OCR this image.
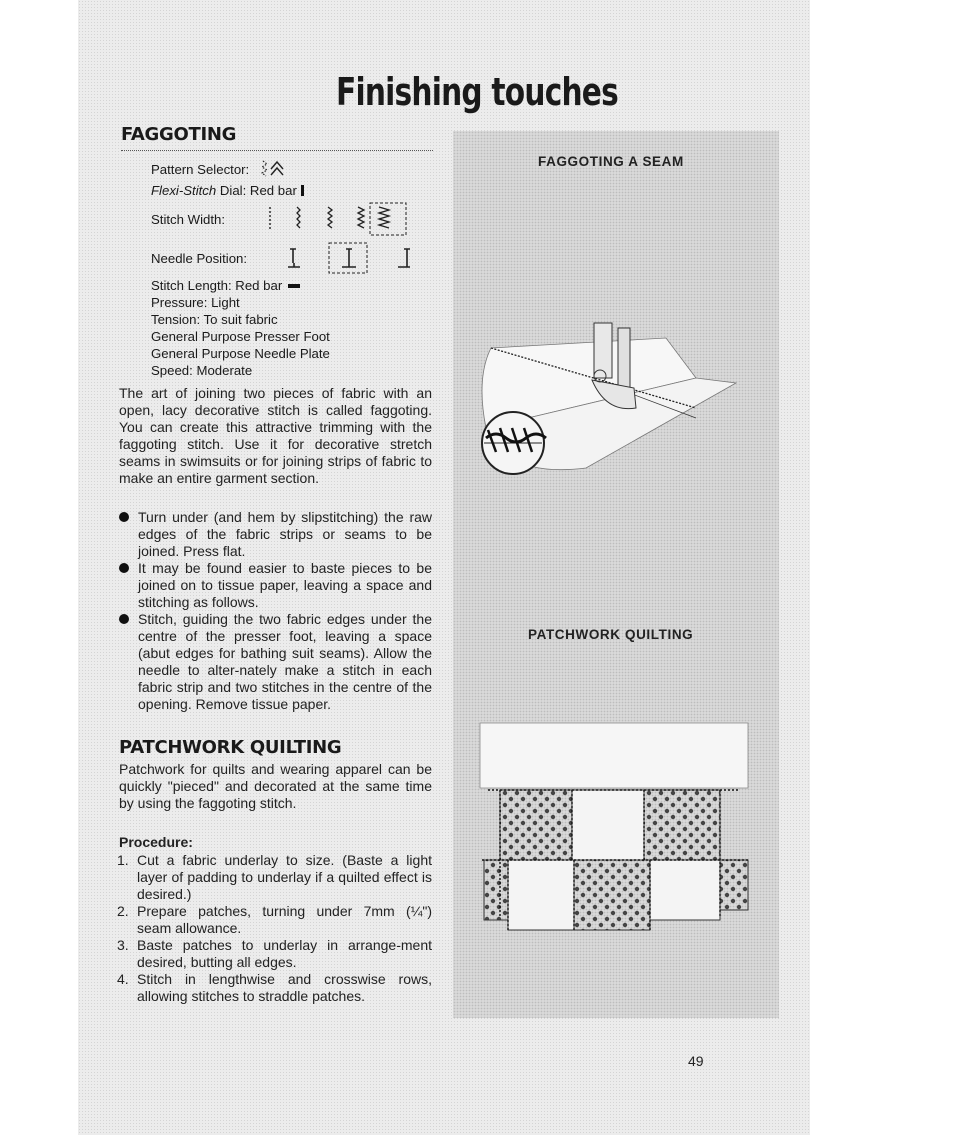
Finishing touches
FAGGOTING
Pattern Selector:
Flexi-Stitch Dial: Red bar
Stitch Width:
Needle Position:
Stitch Length: Red bar
Pressure: Light
Tension: To suit fabric
General Purpose Presser Foot
General Purpose Needle Plate
Speed: Moderate
The art of joining two pieces of fabric with an open, lacy decorative stitch is called faggoting. You can create this attractive trimming with the faggoting stitch. Use it for decorative stretch seams in swimsuits or for joining strips of fabric to make an entire garment section.
Turn under (and hem by slipstitching) the raw edges of the fabric strips or seams to be joined. Press flat.
It may be found easier to baste pieces to be joined on to tissue paper, leaving a space and stitching as follows.
Stitch, guiding the two fabric edges under the centre of the presser foot, leaving a space (abut edges for bathing suit seams). Allow the needle to alter-nately make a stitch in each fabric strip and two stitches in the centre of the opening. Remove tissue paper.
PATCHWORK QUILTING
Patchwork for quilts and wearing apparel can be quickly "pieced" and decorated at the same time by using the faggoting stitch.
Procedure:
1. Cut a fabric underlay to size. (Baste a light layer of padding to underlay if a quilted effect is desired.)
2. Prepare patches, turning under 7mm (¼") seam allowance.
3. Baste patches to underlay in arrange-ment desired, butting all edges.
4. Stitch in lengthwise and crosswise rows, allowing stitches to straddle patches.
FAGGOTING A SEAM
PATCHWORK QUILTING
49
